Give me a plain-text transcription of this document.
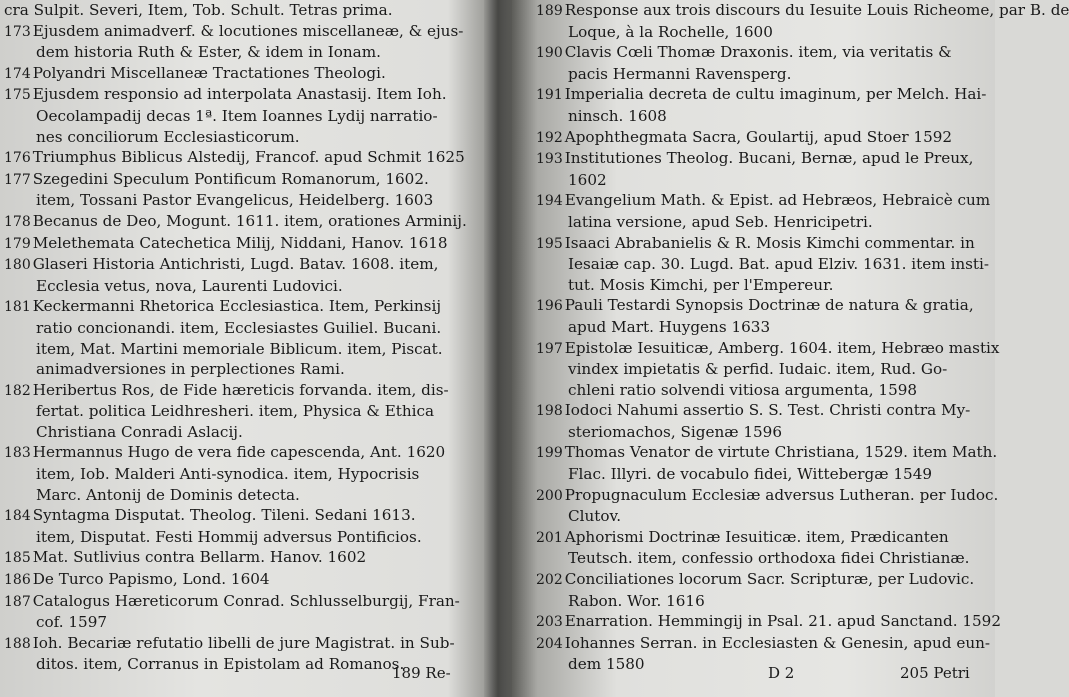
cra Sulpit. Severi, Item, Tob. Schult. Tetras prima.
173 Ejusdem animadverf. & locutiones miscellaneæ, & ejus-
dem historia Ruth & Ester, & idem in Ionam.
174 Polyandri Miscellaneæ Tractationes Theologi.
175 Ejusdem responsio ad interpolata Anastasij. Item Ioh.
Oecolampadij decas 1ª. Item Ioannes Lydij narratio-
nes conciliorum Ecclesiasticorum.
176 Triumphus Biblicus Alstedij, Francof. apud Schmit 1625
177 Szegedini Speculum Pontificum Romanorum, 1602.
item, Tossani Pastor Evangelicus, Heidelberg. 1603
178 Becanus de Deo, Mogunt. 1611. item, orationes Arminij.
179 Melethemata Catechetica Milij, Niddani, Hanov. 1618
180 Glaseri Historia Antichristi, Lugd. Batav. 1608. item,
Ecclesia vetus, nova, Laurenti Ludovici.
181 Keckermanni Rhetorica Ecclesiastica. Item, Perkinsij
ratio concionandi. item, Ecclesiastes Guiliel. Bucani.
item, Mat. Martini memoriale Biblicum. item, Piscat.
animadversiones in perplectiones Rami.
182 Heribertus Ros, de Fide hæreticis forvanda. item, dis-
fertat. politica Leidhresheri. item, Physica & Ethica
Christiana Conradi Aslacij.
183 Hermannus Hugo de vera fide capescenda, Ant. 1620
item, Iob. Malderi Anti-synodica. item, Hypocrisis
Marc. Antonij de Dominis detecta.
184 Syntagma Disputat. Theolog. Tileni. Sedani 1613.
item, Disputat. Festi Hommij adversus Pontificios.
185 Mat. Sutlivius contra Bellarm. Hanov. 1602
186 De Turco Papismo, Lond. 1604
187 Catalogus Hæreticorum Conrad. Schlusselburgij, Fran-
cof. 1597
188 Ioh. Becariæ refutatio libelli de jure Magistrat. in Sub-
ditos. item, Corranus in Epistolam ad Romanos.
189 Response aux trois discours du Iesuite Louis Richeome, par B. de
Loque, à la Rochelle, 1600
190 Clavis Cœli Thomæ Draxonis. item, via veritatis &
pacis Hermanni Ravensperg.
191 Imperialia decreta de cultu imaginum, per Melch. Hai-
ninsch. 1608
192 Apophthegmata Sacra, Goulartij, apud Stoer 1592
193 Institutiones Theolog. Bucani, Bernæ, apud le Preux,
1602
194 Evangelium Math. & Epist. ad Hebræos, Hebraicè cum
latina versione, apud Seb. Henricipetri.
195 Isaaci Abrabanielis & R. Mosis Kimchi commentar. in
Iesaiæ cap. 30. Lugd. Bat. apud Elziv. 1631. item insti-
tut. Mosis Kimchi, per l'Empereur.
196 Pauli Testardi Synopsis Doctrinæ de natura & gratia,
apud Mart. Huygens 1633
197 Epistolæ Iesuiticæ, Amberg. 1604. item, Hebræo mastix
vindex impietatis & perfid. Iudaic. item, Rud. Go-
chleni ratio solvendi vitiosa argumenta, 1598
198 Iodoci Nahumi assertio S. S. Test. Christi contra My-
steriomachos, Sigenæ 1596
199 Thomas Venator de virtute Christiana, 1529. item Math.
Flac. Illyri. de vocabulo fidei, Wittebergæ 1549
200 Propugnaculum Ecclesiæ adversus Lutheran. per Iudoc.
Clutov.
201 Aphorismi Doctrinæ Iesuiticæ. item, Prædicanten
Teutsch. item, confessio orthodoxa fidei Christianæ.
202 Conciliationes locorum Sacr. Scripturæ, per Ludovic.
Rabon. Wor. 1616
203 Enarration. Hemmingij in Psal. 21. apud Sanctand. 1592
204 Iohannes Serran. in Ecclesiasten & Genesin, apud eun-
dem 1580
189 Re-	D 2	205 Petri
